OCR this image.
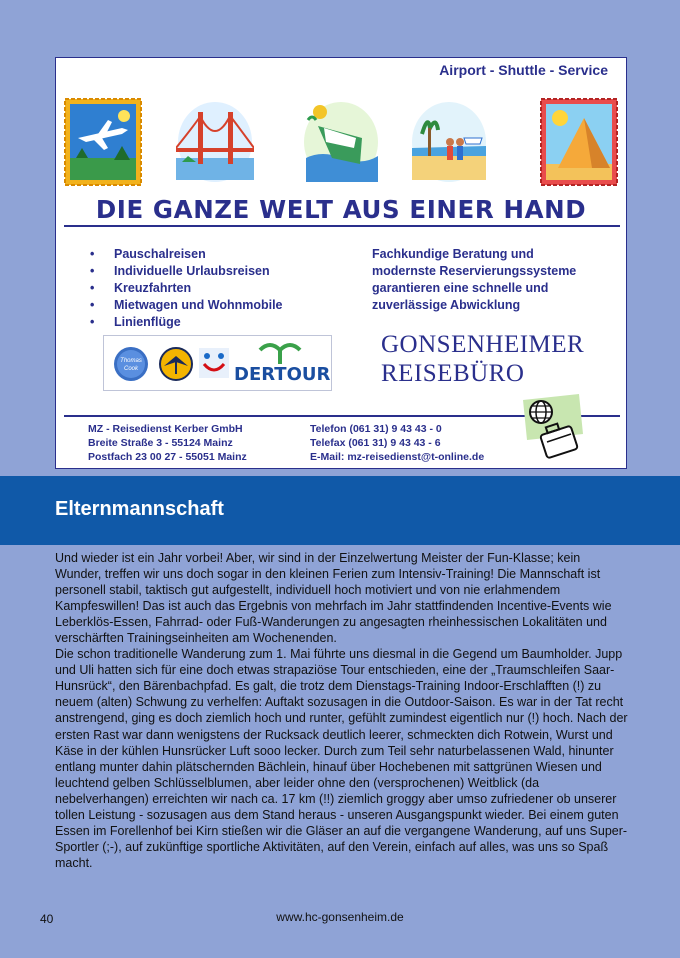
Airport - Shuttle - Service
DIE GANZE WELT AUS EINER HAND
• Pauschalreisen
• Individuelle Urlaubsreisen
• Kreuzfahrten
• Mietwagen und Wohnmobile
• Linienflüge
Fachkundige Beratung und
modernste Reservierungssysteme
garantieren eine schnelle und
zuverlässige Abwicklung
Thomas
Cook	DERTOUR
GONSENHEIMER
REISEBÜRO
MZ - Reisedienst Kerber GmbH
Breite Straße 3 - 55124 Mainz
Postfach 23 00 27 - 55051 Mainz
Telefon (061 31) 9 43 43 - 0
Telefax (061 31) 9 43 43 - 6
E-Mail: mz-reisedienst@t-online.de
Elternmannschaft

Und wieder ist ein Jahr vorbei! Aber, wir sind in der Einzelwertung Meister der Fun-Klasse; kein Wunder, treffen wir uns doch sogar in den kleinen Ferien zum Intensiv-Training! Die Mannschaft ist personell stabil, taktisch gut aufgestellt, individuell hoch motiviert und von nie erlahmendem Kampfeswillen! Das ist auch das Ergebnis von mehrfach im Jahr stattfindenden Incentive-Events wie Leberklös-Essen, Fahrrad- oder Fuß-Wanderungen zu angesagten rheinhessischen Lokalitäten und verschärften Trainingseinheiten am Wochenenden.

Die schon traditionelle Wanderung zum 1. Mai führte uns diesmal in die Gegend um Baumholder. Jupp und Uli hatten sich für eine doch etwas strapaziöse Tour entschieden, eine der „Traumschleifen Saar-Hunsrück“, den Bärenbachpfad. Es galt, die trotz dem Dienstags-Training Indoor-Erschlafften (!) zu neuem (alten) Schwung zu verhelfen: Auftakt sozusagen in die Outdoor-Saison. Es war in der Tat recht anstrengend, ging es doch ziemlich hoch und runter, gefühlt zumindest eigentlich nur (!) hoch. Nach der ersten Rast war dann wenigstens der Rucksack deutlich leerer, schmeckten dich Rotwein, Wurst und Käse in der kühlen Hunsrücker Luft sooo lecker. Durch zum Teil sehr naturbelassenen Wald, hinunter entlang munter dahin plätschernden Bächlein, hinauf über Hochebenen mit sattgrünen Wiesen und leuchtend gelben Schlüsselblumen, aber leider ohne den (versprochenen) Weitblick (da nebelverhangen) erreichten wir nach ca. 17 km (!!) ziemlich groggy aber umso zufriedener ob unserer tollen Leistung - sozusagen aus dem Stand heraus - unseren Ausgangspunkt wieder. Bei einem guten Essen im Forellenhof bei Kirn stießen wir die Gläser an auf die vergangene Wanderung, auf uns Super-Sportler (;-), auf zukünftige sportliche Aktivitäten, auf den Verein, einfach auf alles, was uns so Spaß macht.

40	www.hc-gonsenheim.de
